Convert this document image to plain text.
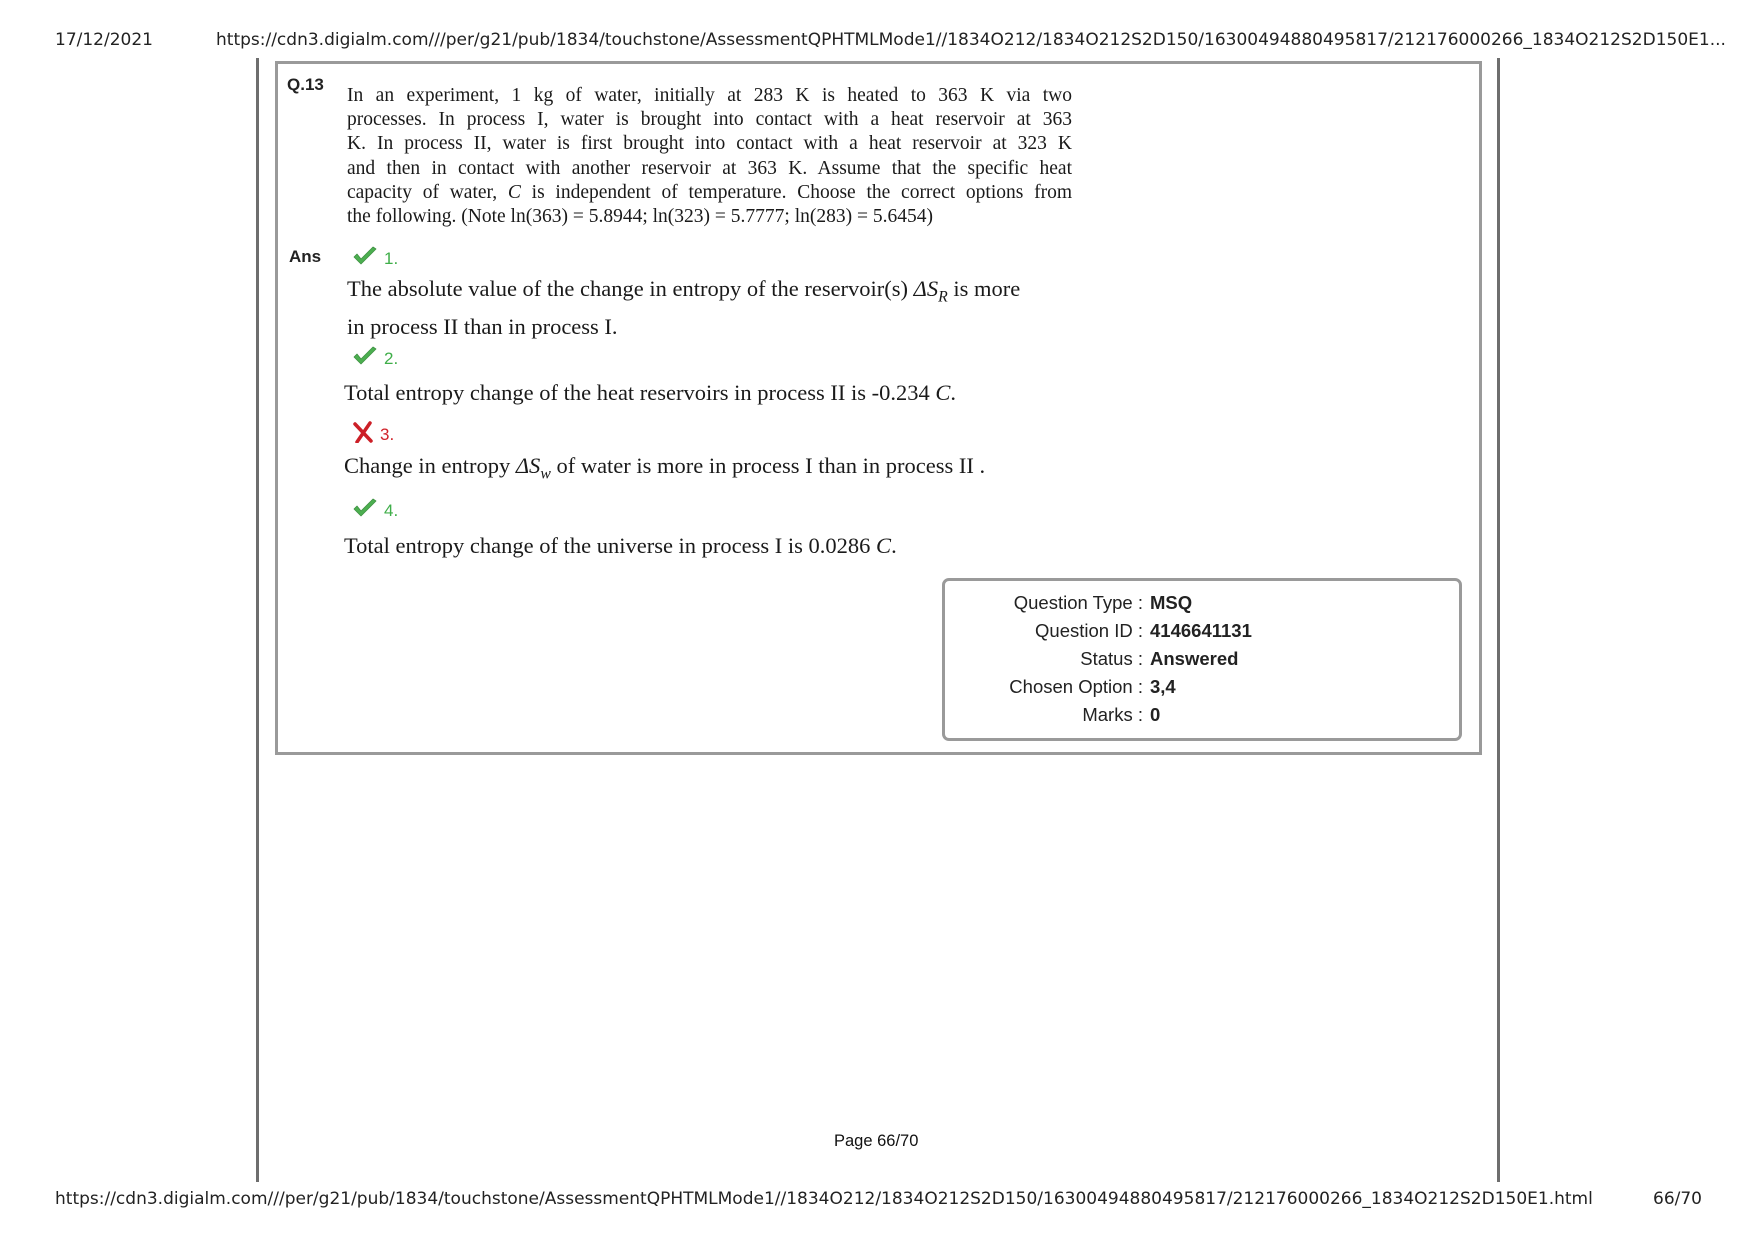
17/12/2021	https://cdn3.digialm.com///per/g21/pub/1834/touchstone/AssessmentQPHTMLMode1//1834O212/1834O212S2D150/16300494880495817/212176000266_1834O212S2D150E1...
Q.13
In an experiment, 1 kg of water, initially at 283 K is heated to 363 K via two
processes. In process I, water is brought into contact with a heat reservoir at 363
K. In process II, water is first brought into contact with a heat reservoir at 323 K
and then in contact with another reservoir at 363 K. Assume that the specific heat
capacity of water, C is independent of temperature. Choose the correct options from
the following. (Note ln(363) = 5.8944; ln(323) = 5.7777; ln(283) = 5.6454)
Ans	1.
The absolute value of the change in entropy of the reservoir(s) $\Delta S_R$ is more
in process II than in process I.
2.
Total entropy change of the heat reservoirs in process II is -0.234 C.
3.
Change in entropy $\Delta S_w$ of water is more in process I than in process II .
4.
Total entropy change of the universe in process I is 0.0286 C.
Question Type : MSQ
Question ID : 4146641131
Status : Answered
Chosen Option : 3,4
Marks : 0
Page 66/70
https://cdn3.digialm.com///per/g21/pub/1834/touchstone/AssessmentQPHTMLMode1//1834O212/1834O212S2D150/16300494880495817/212176000266_1834O212S2D150E1.html	66/70
